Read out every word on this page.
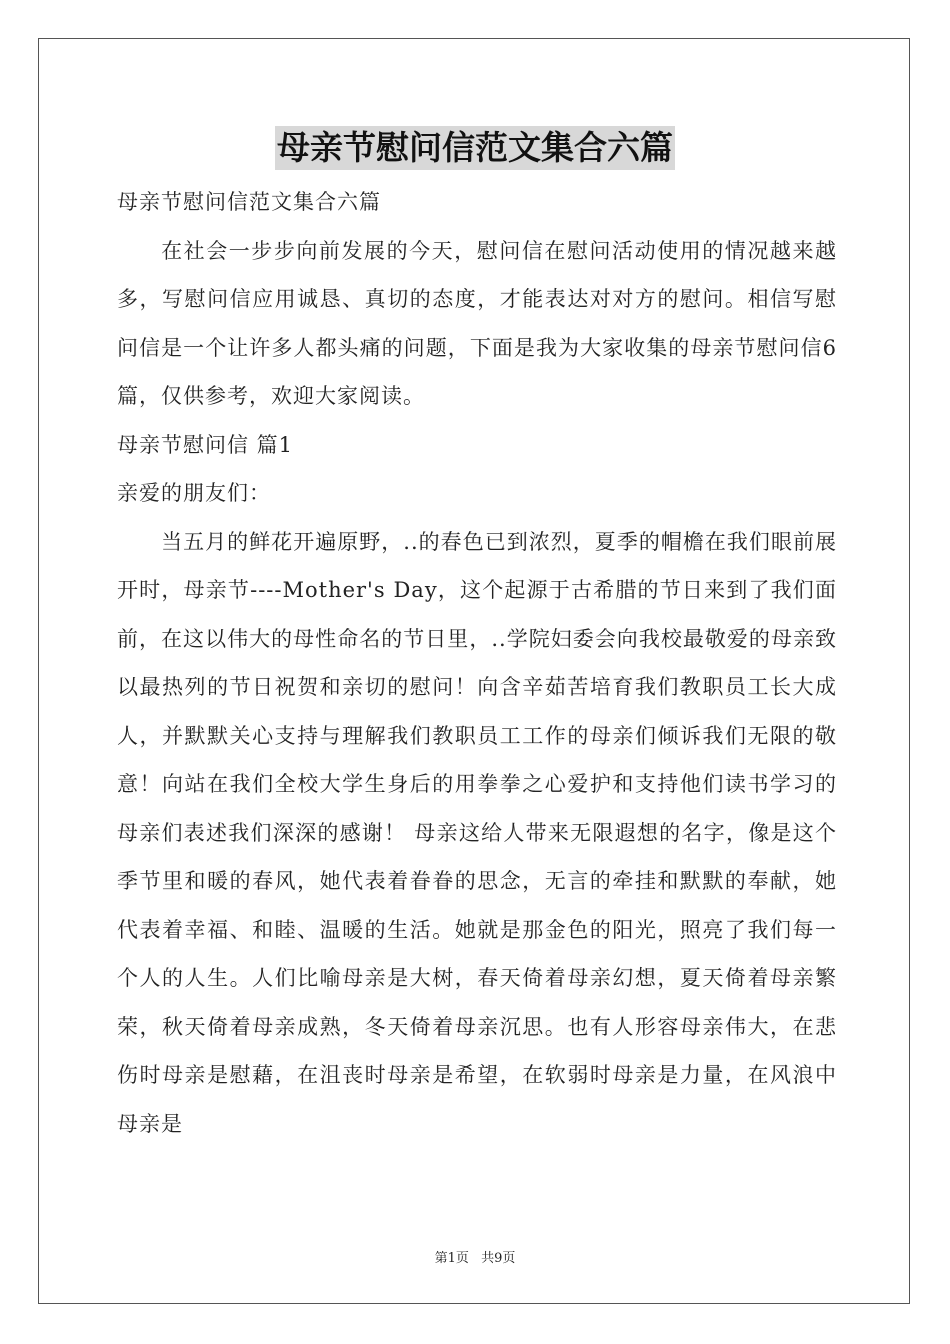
母亲节慰问信范文集合六篇

母亲节慰问信范文集合六篇

在社会一步步向前发展的今天，慰问信在慰问活动使用的情况越来越多，写慰问信应用诚恳、真切的态度，才能表达对对方的慰问。相信写慰问信是一个让许多人都头痛的问题，下面是我为大家收集的母亲节慰问信6篇，仅供参考，欢迎大家阅读。

母亲节慰问信 篇1

亲爱的朋友们：

当五月的鲜花开遍原野，..的春色已到浓烈，夏季的帽檐在我们眼前展开时，母亲节----Mother's Day，这个起源于古希腊的节日来到了我们面前，在这以伟大的母性命名的节日里，..学院妇委会向我校最敬爱的母亲致以最热列的节日祝贺和亲切的慰问！向含辛茹苦培育我们教职员工长大成人，并默默关心支持与理解我们教职员工工作的母亲们倾诉我们无限的敬意！向站在我们全校大学生身后的用拳拳之心爱护和支持他们读书学习的母亲们表述我们深深的感谢！ 母亲这给人带来无限遐想的名字，像是这个季节里和暖的春风，她代表着眷眷的思念，无言的牵挂和默默的奉献，她代表着幸福、和睦、温暖的生活。她就是那金色的阳光，照亮了我们每一个人的人生。人们比喻母亲是大树，春天倚着母亲幻想，夏天倚着母亲繁荣，秋天倚着母亲成熟，冬天倚着母亲沉思。也有人形容母亲伟大，在悲伤时母亲是慰藉，在沮丧时母亲是希望，在软弱时母亲是力量，在风浪中母亲是

第1页 共9页
